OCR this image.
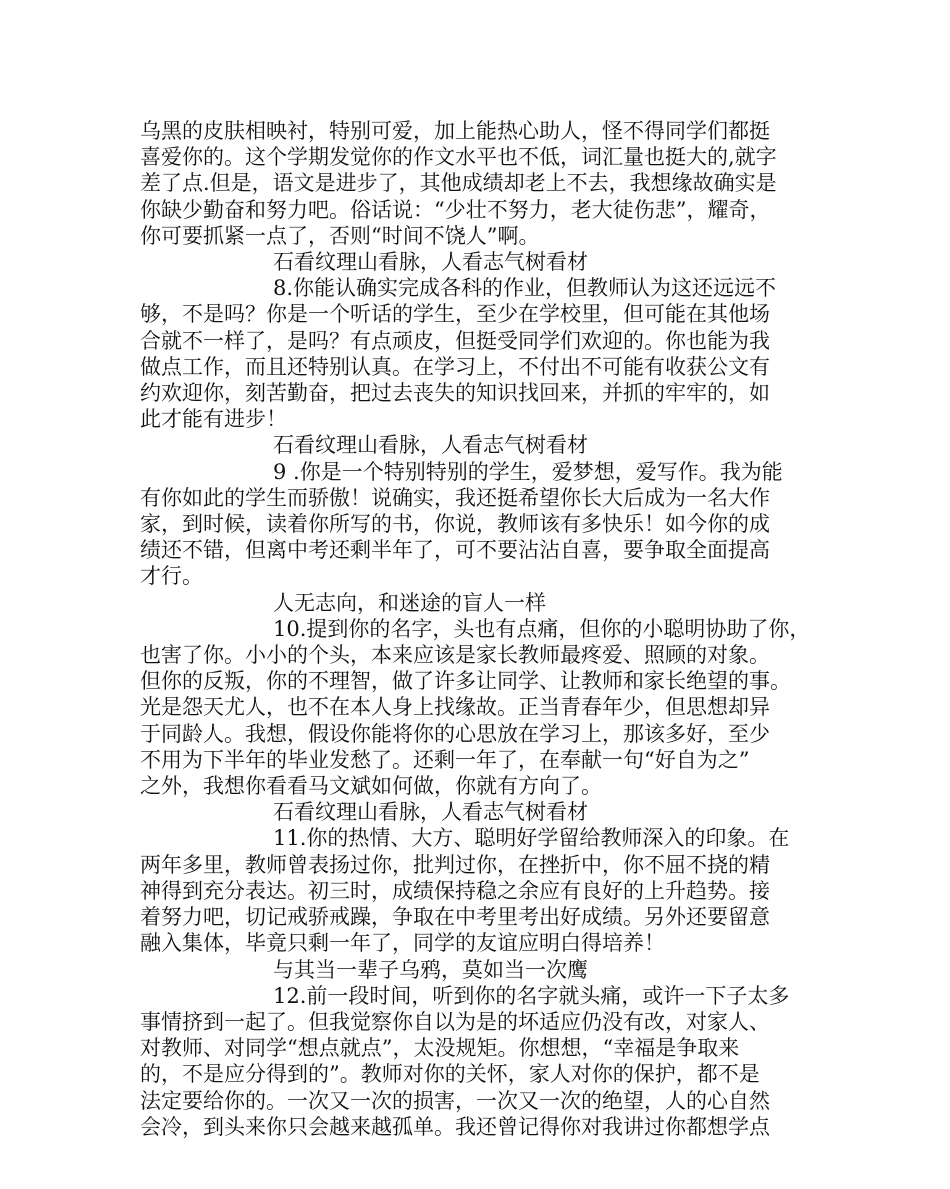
乌黑的皮肤相映衬，特别可爱，加上能热心助人，怪不得同学们都挺
喜爱你的。这个学期发觉你的作文水平也不低，词汇量也挺大的,就字
差了点.但是，语文是进步了，其他成绩却老上不去，我想缘故确实是
你缺少勤奋和努力吧。俗话说：“少壮不努力，老大徒伤悲”，耀奇，
你可要抓紧一点了，否则“时间不饶人”啊。
石看纹理山看脉，人看志气树看材
8.你能认确实完成各科的作业，但教师认为这还远远不
够，不是吗？你是一个听话的学生，至少在学校里，但可能在其他场
合就不一样了，是吗？有点顽皮，但挺受同学们欢迎的。你也能为我
做点工作，而且还特别认真。在学习上，不付出不可能有收获公文有
约欢迎你，刻苦勤奋，把过去丧失的知识找回来，并抓的牢牢的，如
此才能有进步！
石看纹理山看脉，人看志气树看材
9 .你是一个特别特别的学生，爱梦想，爱写作。我为能
有你如此的学生而骄傲！说确实，我还挺希望你长大后成为一名大作
家，到时候，读着你所写的书，你说，教师该有多快乐！如今你的成
绩还不错，但离中考还剩半年了，可不要沾沾自喜，要争取全面提高
才行。
人无志向，和迷途的盲人一样
10.提到你的名字，头也有点痛，但你的小聪明协助了你，
也害了你。小小的个头，本来应该是家长教师最疼爱、照顾的对象。
但你的反叛，你的不理智，做了许多让同学、让教师和家长绝望的事。
光是怨天尤人，也不在本人身上找缘故。正当青春年少，但思想却异
于同龄人。我想，假设你能将你的心思放在学习上，那该多好，至少
不用为下半年的毕业发愁了。还剩一年了，在奉献一句“好自为之”
之外，我想你看看马文斌如何做，你就有方向了。
石看纹理山看脉，人看志气树看材
11.你的热情、大方、聪明好学留给教师深入的印象。在
两年多里，教师曾表扬过你，批判过你，在挫折中，你不屈不挠的精
神得到充分表达。初三时，成绩保持稳之余应有良好的上升趋势。接
着努力吧，切记戒骄戒躁，争取在中考里考出好成绩。另外还要留意
融入集体，毕竟只剩一年了，同学的友谊应明白得培养！
与其当一辈子乌鸦，莫如当一次鹰
12.前一段时间，听到你的名字就头痛，或许一下子太多
事情挤到一起了。但我觉察你自以为是的坏适应仍没有改，对家人、
对教师、对同学“想点就点”，太没规矩。你想想，“幸福是争取来
的，不是应分得到的”。教师对你的关怀，家人对你的保护，都不是
法定要给你的。一次又一次的损害，一次又一次的绝望，人的心自然
会冷，到头来你只会越来越孤单。我还曾记得你对我讲过你都想学点
